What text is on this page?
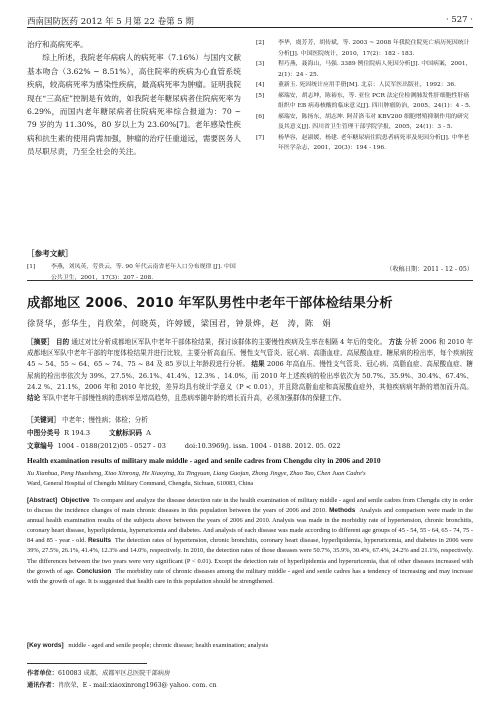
西南国防医药 2012 年 5 月第 22 卷第 5 期	· 527 ·

治疗和高病死率。

综上所述，我院老年病病人的病死率（7.16%）与国内文献基本吻合（3.62% ~ 8.51%），高住院率的疾病为心血管系统疾病，较高病死率为感染性疾病，最高病死率为肿瘤。证明我院现在“三高症”控制是有效的，如我院老年糖尿病者住院病死率为 6.29%，而国内老年糖尿病者住院病死率综合报道为：70 ~ 79 岁的为 11.30%，80 岁以上为 23.60%[7]。老年感染性疾病和抗生素的使用尚需加强，肿瘤的治疗任重道远，需要医务人员尽职尽责，乃至全社会的关注。

［参考文献］
[1]	李燕，刘凤英，劳贵云，等. 90 年代云南省老年人口分布规律 [J]. 中国公共卫生，2001，17(3)：207 - 208.
[2] 李华，虞芳芳，胡传斌，等. 2003 ~ 2008 年我院住院死亡病历死因统计分析[J]. 中国医院统计，2010，17(2)：182 - 183.
[3] 程巧燕，聂海山，马强. 3389 例住院病人死因分析[J]. 中国病案，2001，2(1)：24 - 25.
[4] 董新玉. 死因统计应用手册[M]. 北京：人民军医出版社，1992：36.
[5] 郝瑞安，胡志坤，陈裕东，等. 亚位 PCR 法定位检测肺发性肝细胞性肝癌组织中 EB 病毒核酸的临床意义[J]. 四川肿瘤防治，2005，24(1)：4 - 5.
[6] 郝瑞安，陈扬东，胡志坤. 阿昔洛韦对 KBV200 细胞增殖抑制作用的研究及其意义[J]. 四川省卫生管理干部学院学报，2005，24(1)：3 - 5.
[7] 杨华容，赵淑媛，杨建. 老年糖尿病住院患者病死率及死因分析[J]. 中华老年医学杂志，2001，20(3)：194 - 196.
（收稿日期：2011 - 12 - 05）
成都地区 2006、2010 年军队男性中老年干部体检结果分析
徐贤华，彭华生，肖欣荣，何晓英，许婷媛，梁国君，钟景烨，赵　涛，陈　娟
［摘要］ 目的 通过对比分析成都地区军队中老年干部体检结果，探讨该群体的主要慢性疾病及生率在相隔 4 年后的变化。 方法 分析 2006 和 2010 年成都地区军队中老年干部的年度体检结果并进行比较，主要分析高血压、慢性支气管炎、冠心病、高脂血症、高尿酸血症、糖尿病的检出率，每个疾病按 45 ~ 54、55 ~ 64、65 ~ 74、75 ~ 84 及 85 岁以上年龄段进行分析。 结果 2006 年高血压、慢性支气管炎、冠心病、高脂血症、高尿酸血症、糖尿病的检出率依次为 39%、27.5%、26.1%、41.4%、12.3% 、14.0%，而 2010 年上述疾病的检出率依次为 50.7%、35.9%、30.4%、67.4%、24.2 %、21.1%，2006 年和 2010 年比较，差异均具有统计学意义（P < 0.01），并且除高脂血症和高尿酸血症外，其他疾病病年龄的增加而升高。 结论 军队中老年干部慢性病的患病率呈增高趋势，且患病率随年龄的增长而升高，必须加强群体的保健工作。
［关键词］ 中老年；慢性病；体检；分析
中图分类号 R 194.3	文献标识码 A
文章编号 1004 - 0188(2012)05 - 0527 - 03	doi:10.3969/j. issn. 1004 - 0188. 2012. 05. 022
Health examination results of military male middle - aged and senile cadres from Chengdu city in 2006 and 2010
Xu Xianhua, Peng Huasheng, Xiao Xinrong, He Xiaoying, Xu Tingyuan, Liang Guojun, Zhong Jingye, Zhao Tao, Chen Juan Cadre's
Ward, General Hospital of Chengdu Military Command, Chengdu, Sichuan, 610083, China
[Abstract] Objective To compare and analyze the disease detection rate in the health examination of military middle - aged and senile cadres from Chengdu city in order to discuss the incidence changes of main chronic diseases in this population between the years of 2006 and 2010. Methods Analysis and comparison were made in the annual health examination results of the subjects above between the years of 2006 and 2010. Analysis was made in the morbidity rate of hypertension, chronic bronchitis, coronary heart disease, hyperlipidemia, hyperuricemia and diabetes. And analysis of each disease was made according to different age groups of 45 - 54, 55 - 64, 65 - 74, 75 - 84 and 85 - year - old. Results The detection rates of hypertension, chronic bronchitis, coronary heart disease, hyperlipidemia, hyperuricemia, and diabetes in 2006 were 39%, 27.5%, 26.1%, 41.4%, 12.3% and 14.0%, respectively. In 2010, the detection rates of those diseases were 50.7%, 35.9%, 30.4%, 67.4%, 24.2% and 21.1%, respectively. The differences between the two years were very significant (P < 0.01). Except the detection rate of hyperlipidemia and hyperuricemia, that of other diseases increased with the growth of age. Conclusion The morbidity rate of chronic diseases among the military middle - aged and senile cadres has a tendency of increasing and may increase with the growth of age. It is suggested that health care in this population should be strengthened.
[Key words] middle - aged and senile people; chronic disease; health examination; analysis
作者单位：610083 成都，成都军区总医院干部病房
通讯作者：肖欣荣，E - mail:xiaoxinrong1963@ yahoo. com. cn
